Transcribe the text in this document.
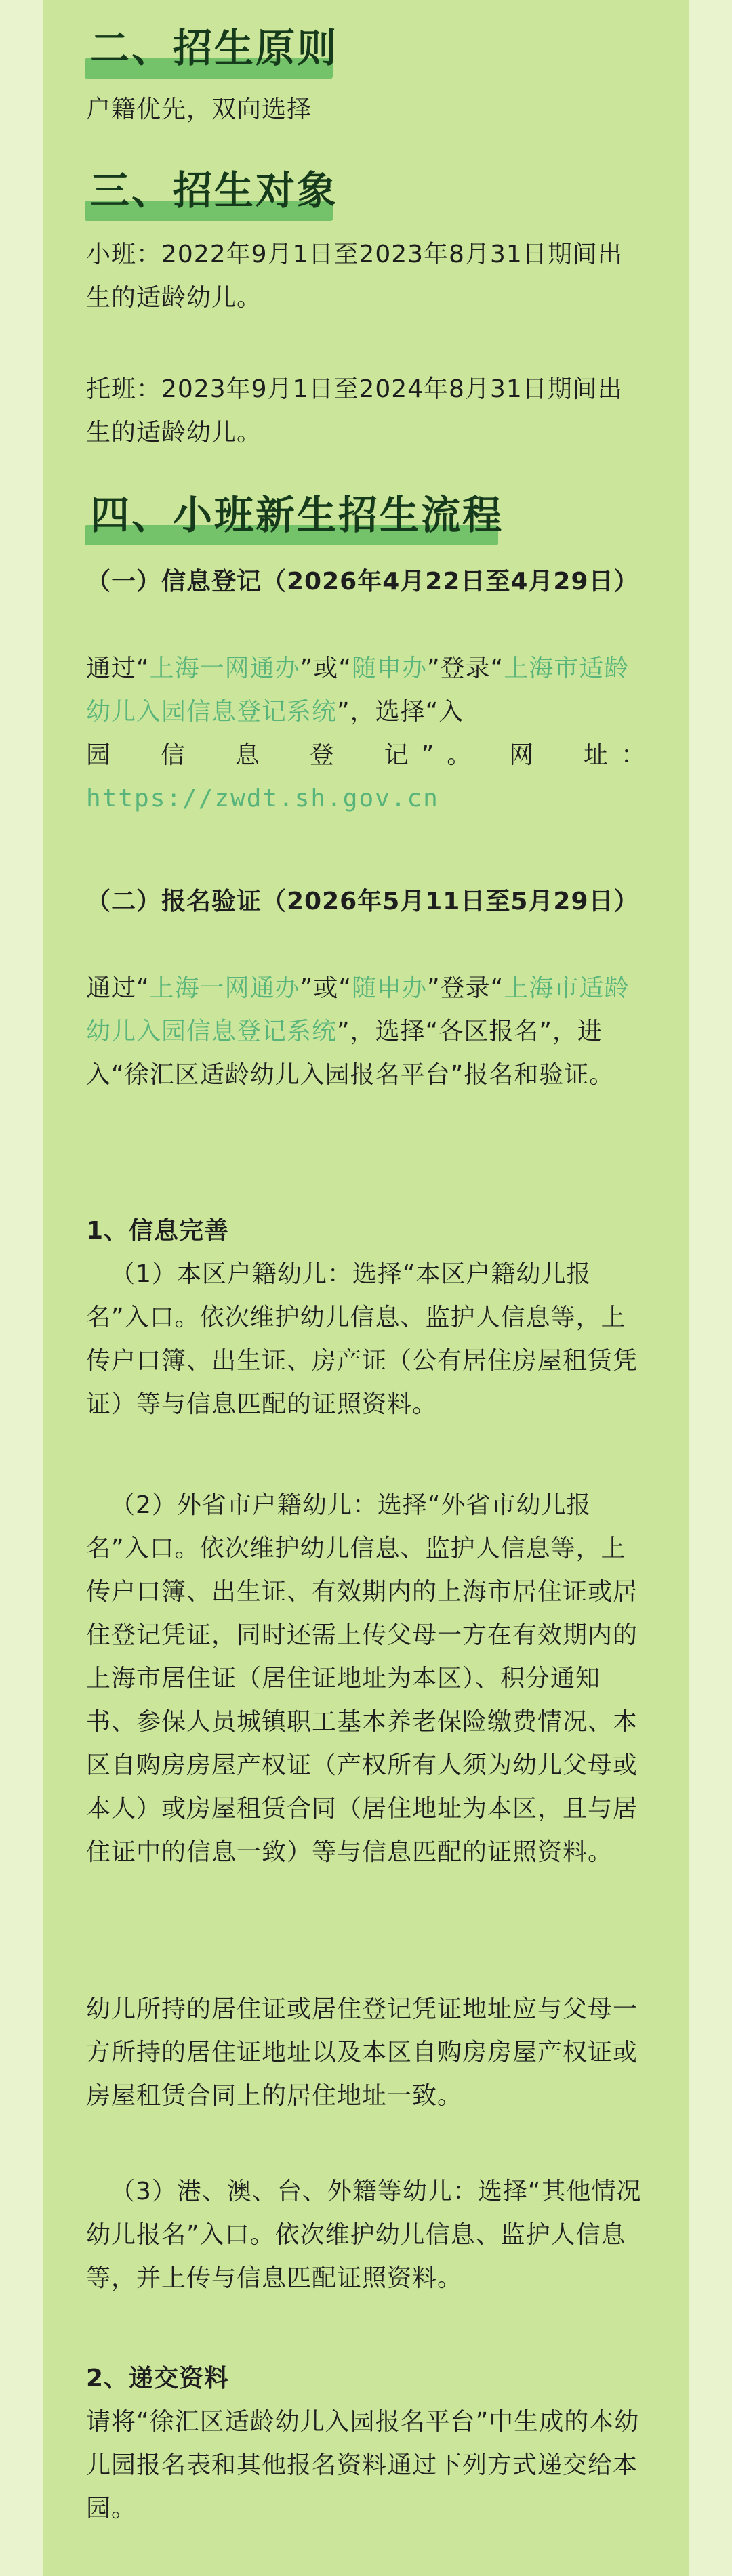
二、招生原则
户籍优先，双向选择
三、招生对象
小班：2022年9月1日至2023年8月31日期间出生的适龄幼儿。
托班：2023年9月1日至2024年8月31日期间出生的适龄幼儿。
四、小班新生招生流程
（一）信息登记（2026年4月22日至4月29日）
通过“上海一网通办”或“随申办”登录“上海市适龄幼儿入园信息登记系统”，选择“入
园　信　息　登　记”。　网　址：
https://zwdt.sh.gov.cn
（二）报名验证（2026年5月11日至5月29日）
通过“上海一网通办”或“随申办”登录“上海市适龄幼儿入园信息登记系统”，选择“各区报名”，进入“徐汇区适龄幼儿入园报名平台”报名和验证。
1、信息完善
（1）本区户籍幼儿：选择“本区户籍幼儿报名”入口。依次维护幼儿信息、监护人信息等，上传户口簿、出生证、房产证（公有居住房屋租赁凭证）等与信息匹配的证照资料。
（2）外省市户籍幼儿：选择“外省市幼儿报名”入口。依次维护幼儿信息、监护人信息等，上传户口簿、出生证、有效期内的上海市居住证或居住登记凭证，同时还需上传父母一方在有效期内的上海市居住证（居住证地址为本区）、积分通知书、参保人员城镇职工基本养老保险缴费情况、本区自购房房屋产权证（产权所有人须为幼儿父母或本人）或房屋租赁合同（居住地址为本区，且与居住证中的信息一致）等与信息匹配的证照资料。
幼儿所持的居住证或居住登记凭证地址应与父母一方所持的居住证地址以及本区自购房房屋产权证或房屋租赁合同上的居住地址一致。
（3）港、澳、台、外籍等幼儿：选择“其他情况幼儿报名”入口。依次维护幼儿信息、监护人信息等，并上传与信息匹配证照资料。
2、递交资料
请将“徐汇区适龄幼儿入园报名平台”中生成的本幼儿园报名表和其他报名资料通过下列方式递交给本园。
